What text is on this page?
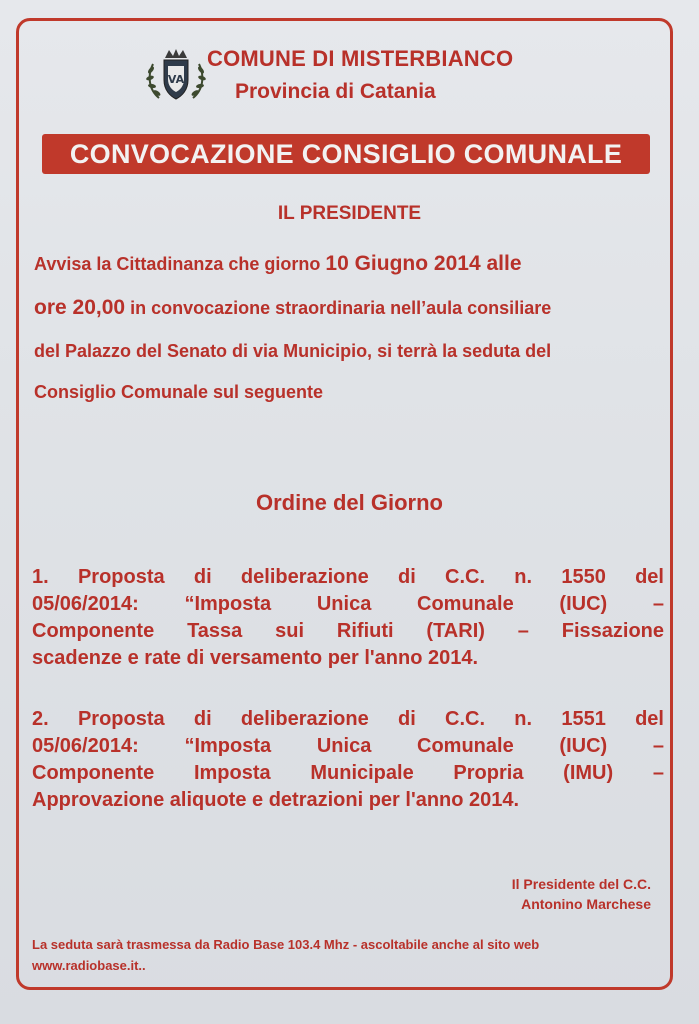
VA
COMUNE DI MISTERBIANCO
Provincia di Catania
CONVOCAZIONE CONSIGLIO COMUNALE
IL PRESIDENTE
Avvisa la Cittadinanza che giorno 10 Giugno 2014 alle
ore 20,00 in convocazione straordinaria nell’aula consiliare
del Palazzo del Senato di via Municipio, si terrà la seduta del
Consiglio Comunale sul seguente
Ordine del Giorno
1. Proposta di deliberazione di C.C. n. 1550 del
05/06/2014: “Imposta Unica Comunale (IUC) –
Componente Tassa sui Rifiuti (TARI) – Fissazione
scadenze e rate di versamento per l'anno 2014.
2. Proposta di deliberazione di C.C. n. 1551 del
05/06/2014: “Imposta Unica Comunale (IUC) –
Componente Imposta Municipale Propria (IMU) –
Approvazione aliquote e detrazioni per l'anno 2014.
Il Presidente del C.C.
Antonino Marchese
La seduta sarà trasmessa da Radio Base 103.4 Mhz - ascoltabile anche al sito web
www.radiobase.it..
